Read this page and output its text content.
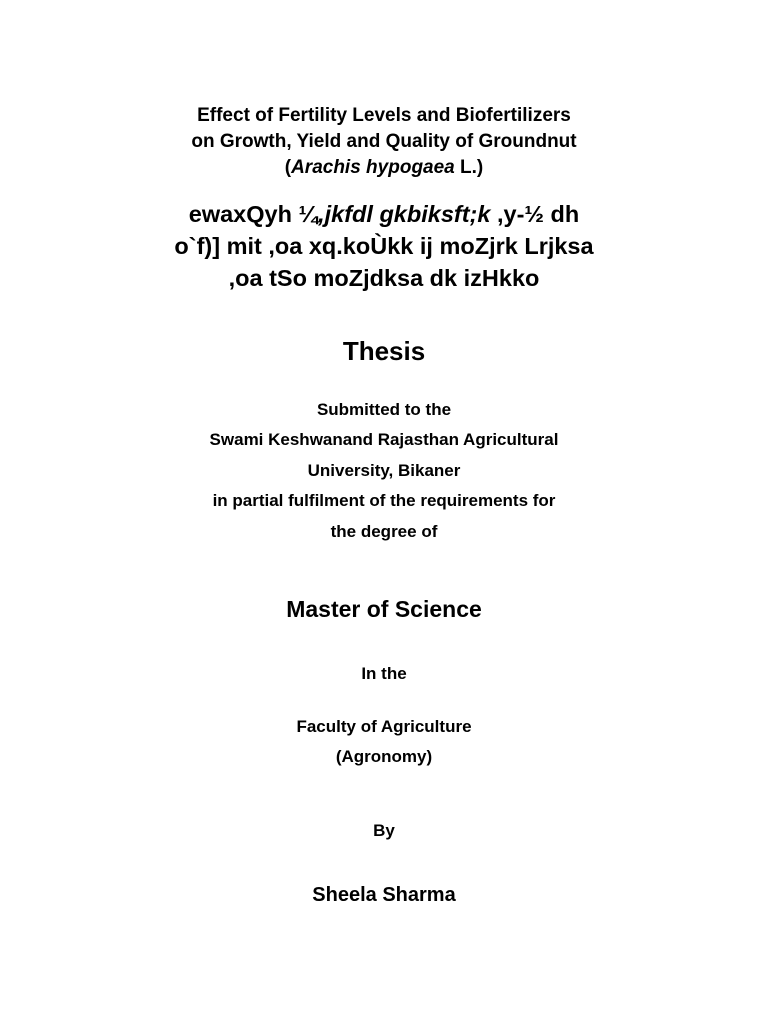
Effect of Fertility Levels and Biofertilizers
on Growth, Yield and Quality of Groundnut
(Arachis hypogaea L.)
ewaxQyh ¼,jkfdl gkbiksft;k ,y-½ dh
o`f)] mit ,oa xq.koÙkk ij moZjrk Lrjksa
,oa tSo moZjdksa dk izHkko
Thesis
Submitted to the
Swami Keshwanand Rajasthan Agricultural
University, Bikaner
in partial fulfilment of the requirements for
the degree of
Master of Science
In the
Faculty of Agriculture
(Agronomy)
By
Sheela Sharma
